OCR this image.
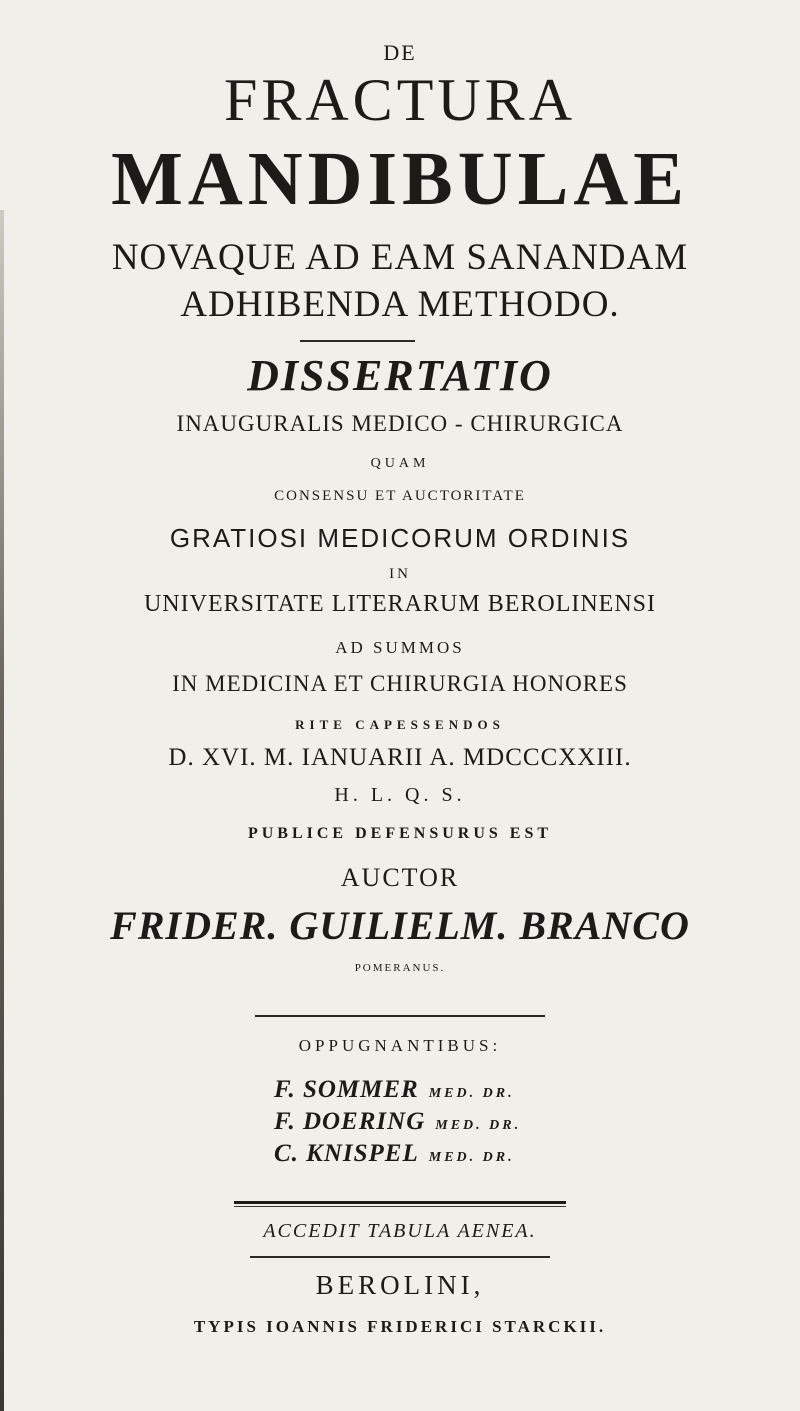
DE
FRACTURA
MANDIBULAE
NOVAQUE AD EAM SANANDAM
ADHIBENDA METHODO.
DISSERTATIO
INAUGURALIS MEDICO - CHIRURGICA
QUAM
CONSENSU ET AUCTORITATE
GRATIOSI MEDICORUM ORDINIS
IN
UNIVERSITATE LITERARUM BEROLINENSI
AD SUMMOS
IN MEDICINA ET CHIRURGIA HONORES
RITE CAPESSENDOS
D. XVI. M. IANUARII A. MDCCCXXIII.
H. L. Q. S.
PUBLICE DEFENSURUS EST
AUCTOR
FRIDER. GUILIELM. BRANCO
POMERANUS.
OPPUGNANTIBUS:
F. SOMMER MED. DR.
F. DOERING MED. DR.
C. KNISPEL MED. DR.
ACCEDIT TABULA AENEA.
BEROLINI,
TYPIS IOANNIS FRIDERICI STARCKII.
